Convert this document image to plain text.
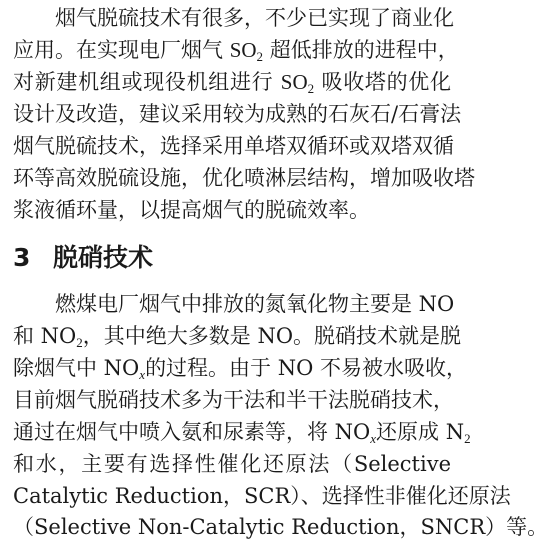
烟气脱硫技术有很多，不少已实现了商业化
应用。在实现电厂烟气 $SO_2$ 超低排放的进程中，
对新建机组或现役机组进行 $SO_2$ 吸收塔的优化
设计及改造，建议采用较为成熟的石灰石/石膏法
烟气脱硫技术，选择采用单塔双循环或双塔双循
环等高效脱硫设施，优化喷淋层结构，增加吸收塔
浆液循环量，以提高烟气的脱硫效率。
3 脱硝技术
燃煤电厂烟气中排放的氮氧化物主要是 NO
和 $NO_2$，其中绝大多数是 NO。脱硝技术就是脱
除烟气中 $NO_x$的过程。由于 NO 不易被水吸收，
目前烟气脱硝技术多为干法和半干法脱硝技术，
通过在烟气中喷入氨和尿素等，将 $NO_x$还原成 $N_2$
和水，主要有选择性催化还原法（Selective
Catalytic Reduction，SCR）、选择性非催化还原法
（Selective Non-Catalytic Reduction，SNCR）等。
